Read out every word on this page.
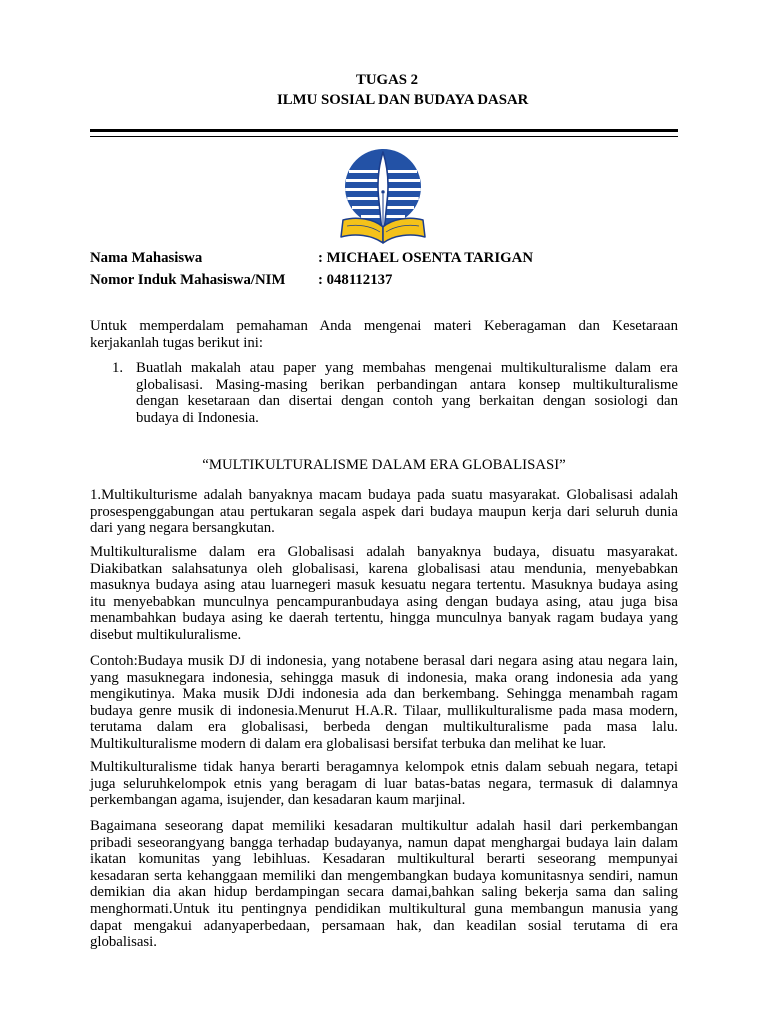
TUGAS 2
ILMU SOSIAL DAN BUDAYA DASAR
Nama Mahasiswa	: MICHAEL OSENTA TARIGAN
Nomor Induk Mahasiswa/NIM : 048112137
Untuk memperdalam pemahaman Anda mengenai materi Keberagaman dan Kesetaraan
kerjakanlah tugas berikut ini:
1. Buatlah makalah atau paper yang membahas mengenai multikulturalisme dalam era
globalisasi. Masing-masing berikan perbandingan antara konsep multikulturalisme
dengan kesetaraan dan disertai dengan contoh yang berkaitan dengan sosiologi dan
budaya di Indonesia.
“MULTIKULTURALISME DALAM ERA GLOBALISASI”
1.Multikulturisme adalah banyaknya macam budaya pada suatu masyarakat. Globalisasi adalah
prosespenggabungan atau pertukaran segala aspek dari budaya maupun kerja dari seluruh dunia
dari yang negara bersangkutan.
Multikulturalisme dalam era Globalisasi adalah banyaknya budaya, disuatu masyarakat.
Diakibatkan salahsatunya oleh globalisasi, karena globalisasi atau mendunia, menyebabkan
masuknya budaya asing atau luarnegeri masuk kesuatu negara tertentu. Masuknya budaya asing
itu menyebabkan munculnya pencampuranbudaya asing dengan budaya asing, atau juga bisa
menambahkan budaya asing ke daerah tertentu, hingga munculnya banyak ragam budaya yang
disebut multikuluralisme.
Contoh:Budaya musik DJ di indonesia, yang notabene berasal dari negara asing atau negara lain,
yang masuknegara indonesia, sehingga masuk di indonesia, maka orang indonesia ada yang
mengikutinya. Maka musik DJdi indonesia ada dan berkembang. Sehingga menambah ragam
budaya genre musik di indonesia.Menurut H.A.R. Tilaar, mullikulturalisme pada masa modern,
terutama dalam era globalisasi, berbeda dengan multikulturalisme pada masa lalu.
Multikulturalisme modern di dalam era globalisasi bersifat terbuka dan melihat ke luar.
Multikulturalisme tidak hanya berarti beragamnya kelompok etnis dalam sebuah negara, tetapi
juga seluruhkelompok etnis yang beragam di luar batas-batas negara, termasuk di dalamnya
perkembangan agama, isujender, dan kesadaran kaum marjinal.
Bagaimana seseorang dapat memiliki kesadaran multikultur adalah hasil dari perkembangan
pribadi seseorangyang bangga terhadap budayanya, namun dapat menghargai budaya lain dalam
ikatan komunitas yang lebihluas. Kesadaran multikultural berarti seseorang mempunyai
kesadaran serta kehanggaan memiliki dan mengembangkan budaya komunitasnya sendiri, namun
demikian dia akan hidup berdampingan secara damai,bahkan saling bekerja sama dan saling
menghormati.Untuk itu pentingnya pendidikan multikultural guna membangun manusia yang
dapat mengakui adanyaperbedaan, persamaan hak, dan keadilan sosial terutama di era
globalisasi.
